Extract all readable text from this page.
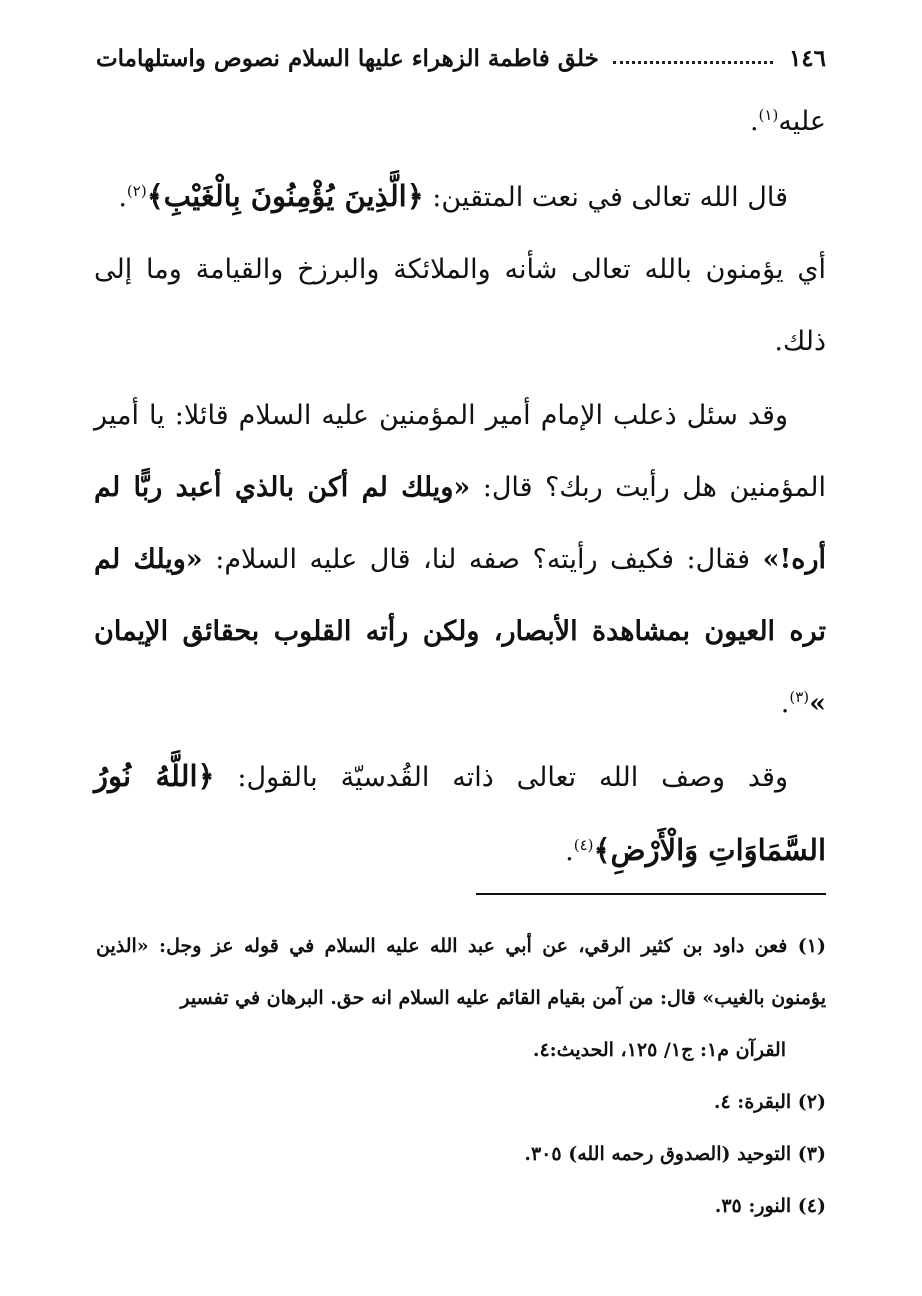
١٤٦
خلق فاطمة الزهراء عليها السلام نصوص واستلهامات

عليه$^{(١)}$.

قال الله تعالى في نعت المتقين: ﴿الَّذِينَ يُؤْمِنُونَ بِالْغَيْبِ﴾$^{(٢)}$.

أي يؤمنون بالله تعالى شأنه والملائكة والبرزخ والقيامة وما إلى ذلك.

وقد سئل ذعلب الإمام أمير المؤمنين عليه السلام قائلا: يا أمير المؤمنين هل رأيت ربك؟ قال: «ويلك لم أكن بالذي أعبد ربًّا لم أره!» فقال: فكيف رأيته؟ صفه لنا، قال عليه السلام: «ويلك لم تره العيون بمشاهدة الأبصار، ولكن رأته القلوب بحقائق الإيمان »$^{(٣)}$.

وقد وصف الله تعالى ذاته القُدسيّة بالقول: ﴿اللَّهُ نُورُ السَّمَاوَاتِ وَالْأَرْضِ﴾$^{(٤)}$.

(١) فعن داود بن كثير الرقي، عن أبي عبد الله عليه السلام في قوله عز وجل: «الذين يؤمنون بالغيب» قال: من آمن بقيام القائم عليه السلام انه حق. البرهان في تفسير

القرآن م١: ج١/ ١٢٥، الحديث:٤.

(٢) البقرة: ٤.

(٣) التوحيد (الصدوق رحمه الله) ٣٠٥.

(٤) النور: ٣٥.
